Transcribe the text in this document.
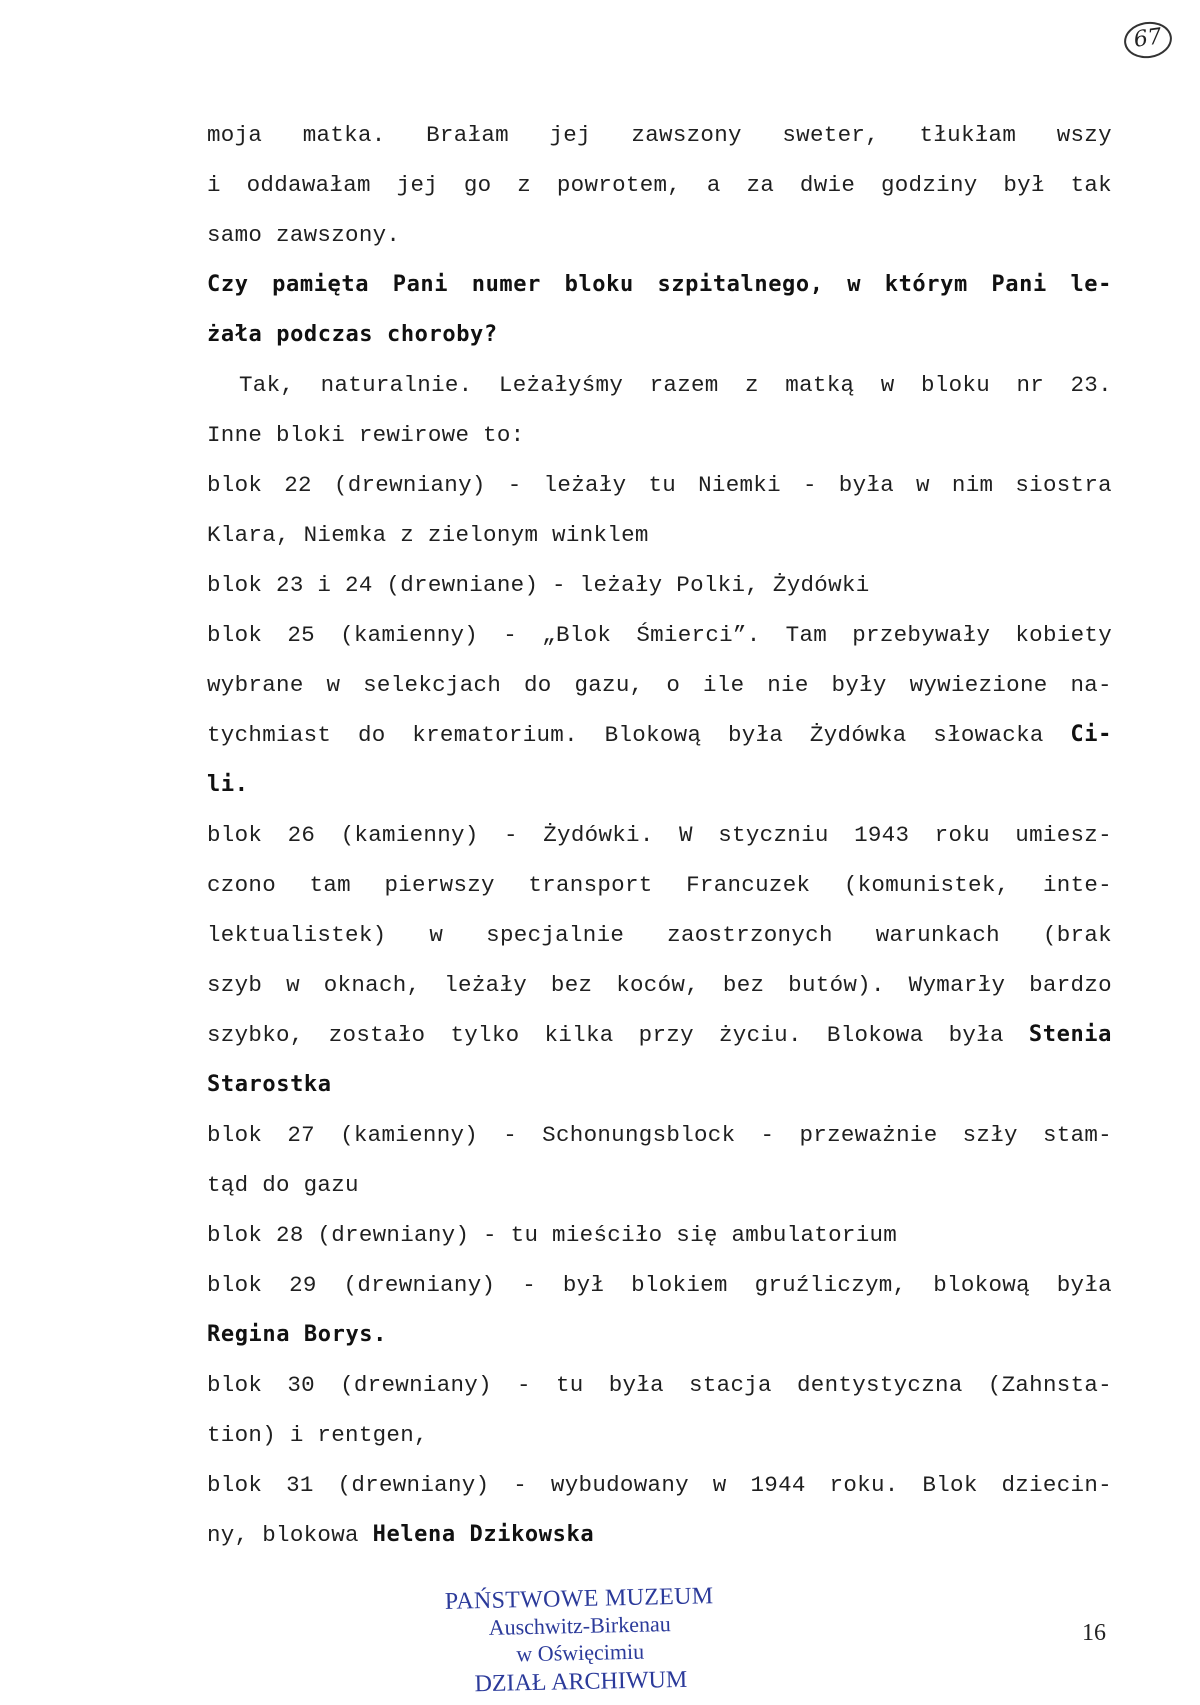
67
moja matka. Brałam jej zawszony sweter, tłukłam wszy
i oddawałam jej go z powrotem, a za dwie godziny był tak
samo zawszony.
Czy pamięta Pani numer bloku szpitalnego, w którym Pani le-
żała podczas choroby?
Tak, naturalnie. Leżałyśmy razem z matką w bloku nr 23.
Inne bloki rewirowe to:
blok 22 (drewniany) - leżały tu Niemki - była w nim siostra
Klara, Niemka z zielonym winklem
blok 23 i 24 (drewniane) - leżały Polki, Żydówki
blok 25 (kamienny) - „Blok Śmierci”. Tam przebywały kobiety
wybrane w selekcjach do gazu, o ile nie były wywiezione na-
tychmiast do krematorium. Blokową była Żydówka słowacka Ci-
li.
blok 26 (kamienny) - Żydówki. W styczniu 1943 roku umiesz-
czono tam pierwszy transport Francuzek (komunistek, inte-
lektualistek) w specjalnie zaostrzonych warunkach (brak
szyb w oknach, leżały bez koców, bez butów). Wymarły bardzo
szybko, zostało tylko kilka przy życiu. Blokowa była Stenia
Starostka
blok 27 (kamienny) - Schonungsblock - przeważnie szły stam-
tąd do gazu
blok 28 (drewniany) - tu mieściło się ambulatorium
blok 29 (drewniany) - był blokiem gruźliczym, blokową była
Regina Borys.
blok 30 (drewniany) - tu była stacja dentystyczna (Zahnsta-
tion) i rentgen,
blok 31 (drewniany) - wybudowany w 1944 roku. Blok dziecin-
ny, blokowa Helena Dzikowska
PAŃSTWOWE MUZEUM
Auschwitz-Birkenau
w Oświęcimiu
DZIAŁ ARCHIWUM
16
